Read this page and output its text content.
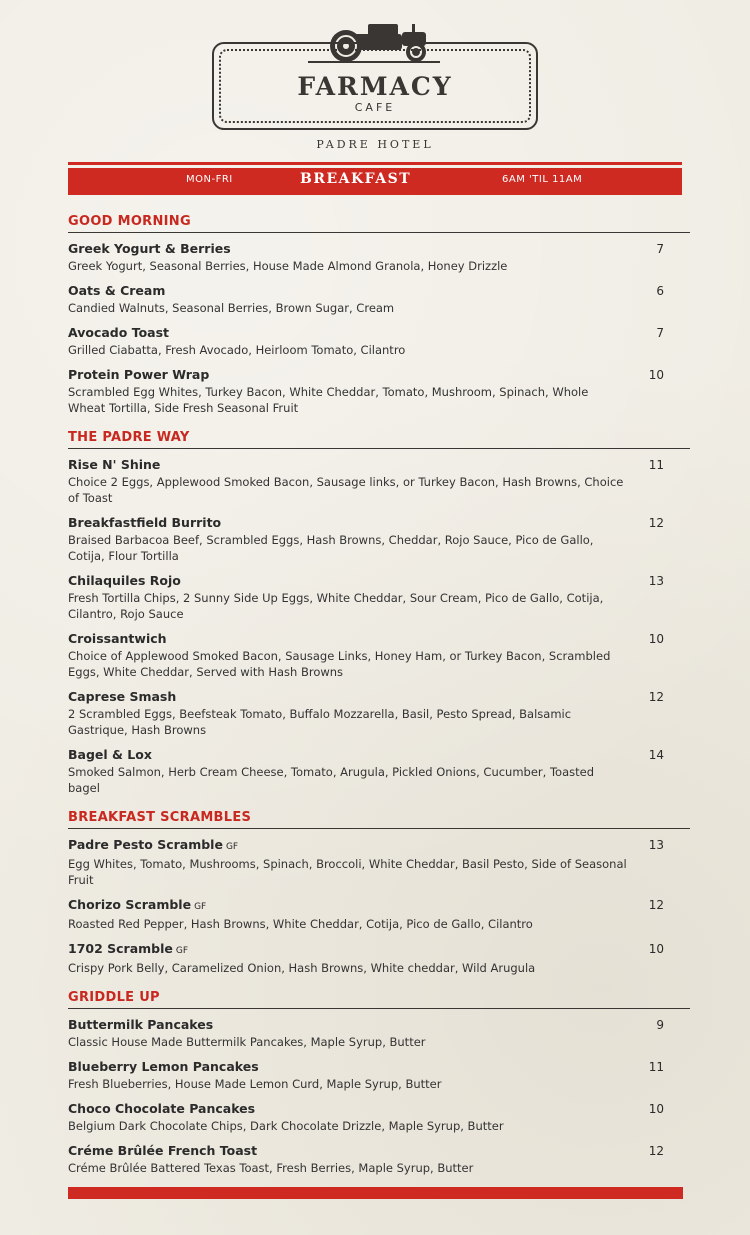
FARMACY
CAFE
PADRE HOTEL
MON-FRI	BREAKFAST	6AM 'TIL 11AM
GOOD MORNING
Greek Yogurt & Berries	7
Greek Yogurt, Seasonal Berries, House Made Almond Granola, Honey Drizzle
Oats & Cream	6
Candied Walnuts, Seasonal Berries, Brown Sugar, Cream
Avocado Toast	7
Grilled Ciabatta, Fresh Avocado, Heirloom Tomato, Cilantro
Protein Power Wrap	10
Scrambled Egg Whites, Turkey Bacon, White Cheddar, Tomato, Mushroom, Spinach, Whole Wheat Tortilla, Side Fresh Seasonal Fruit
THE PADRE WAY
Rise N' Shine	11
Choice 2 Eggs, Applewood Smoked Bacon, Sausage links, or Turkey Bacon, Hash Browns, Choice of Toast
Breakfastfield Burrito	12
Braised Barbacoa Beef, Scrambled Eggs, Hash Browns, Cheddar, Rojo Sauce, Pico de Gallo, Cotija, Flour Tortilla
Chilaquiles Rojo	13
Fresh Tortilla Chips, 2 Sunny Side Up Eggs, White Cheddar, Sour Cream, Pico de Gallo, Cotija, Cilantro, Rojo Sauce
Croissantwich	10
Choice of Applewood Smoked Bacon, Sausage Links, Honey Ham, or Turkey Bacon, Scrambled Eggs, White Cheddar, Served with Hash Browns
Caprese Smash	12
2 Scrambled Eggs, Beefsteak Tomato, Buffalo Mozzarella, Basil, Pesto Spread, Balsamic Gastrique, Hash Browns
Bagel & Lox	14
Smoked Salmon, Herb Cream Cheese, Tomato, Arugula, Pickled Onions, Cucumber, Toasted bagel
BREAKFAST SCRAMBLES
Padre Pesto Scramble GF	13
Egg Whites, Tomato, Mushrooms, Spinach, Broccoli, White Cheddar, Basil Pesto, Side of Seasonal Fruit
Chorizo Scramble GF	12
Roasted Red Pepper, Hash Browns, White Cheddar, Cotija, Pico de Gallo, Cilantro
1702 Scramble GF	10
Crispy Pork Belly, Caramelized Onion, Hash Browns, White cheddar, Wild Arugula
GRIDDLE UP
Buttermilk Pancakes	9
Classic House Made Buttermilk Pancakes, Maple Syrup, Butter
Blueberry Lemon Pancakes	11
Fresh Blueberries, House Made Lemon Curd, Maple Syrup, Butter
Choco Chocolate Pancakes	10
Belgium Dark Chocolate Chips, Dark Chocolate Drizzle, Maple Syrup, Butter
Créme Brûlée French Toast	12
Créme Brûlée Battered Texas Toast, Fresh Berries, Maple Syrup, Butter
